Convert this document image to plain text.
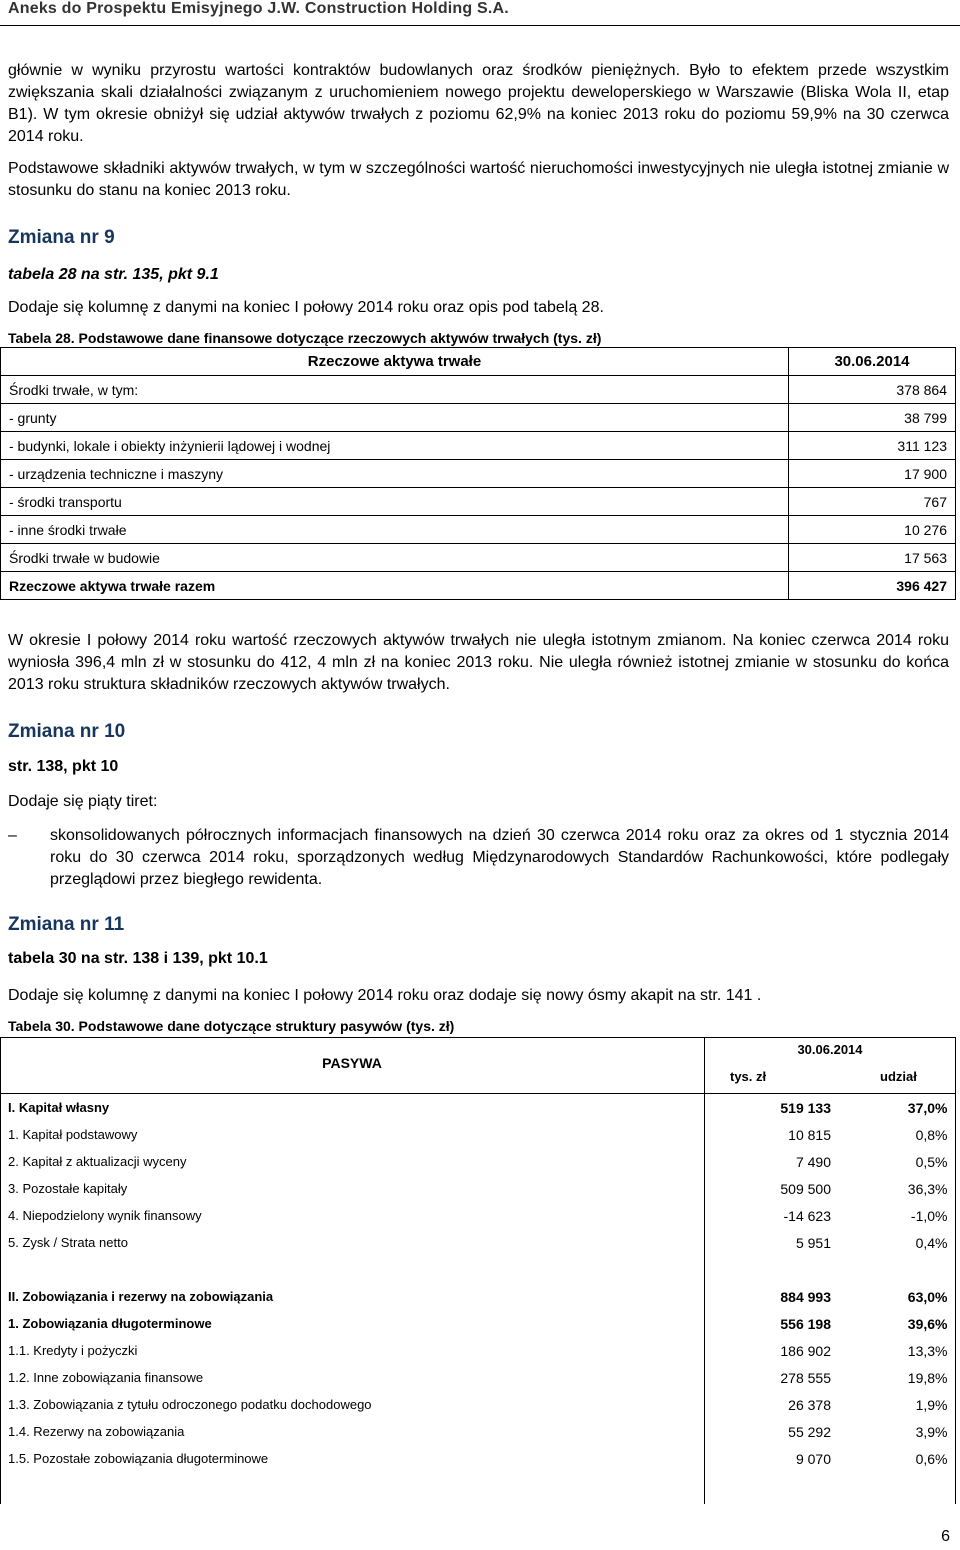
Aneks do Prospektu Emisyjnego J.W. Construction Holding S.A.
głównie w wyniku przyrostu wartości kontraktów budowlanych oraz środków pieniężnych. Było to efektem przede wszystkim zwiększania skali działalności związanym z uruchomieniem nowego projektu deweloperskiego w Warszawie (Bliska Wola II, etap B1). W tym okresie obniżył się udział aktywów trwałych z poziomu 62,9% na koniec 2013 roku do poziomu 59,9% na 30 czerwca 2014 roku.
Podstawowe składniki aktywów trwałych, w tym w szczególności wartość nieruchomości inwestycyjnych nie uległa istotnej zmianie w stosunku do stanu na koniec 2013 roku.
Zmiana nr 9
tabela 28 na str. 135, pkt 9.1
Dodaje się kolumnę z danymi na koniec I połowy 2014 roku oraz opis pod tabelą 28.
Tabela 28. Podstawowe dane finansowe dotyczące rzeczowych aktywów trwałych (tys. zł)
Rzeczowe aktywa trwałe	30.06.2014
Środki trwałe, w tym:	378 864
- grunty	38 799
- budynki, lokale i obiekty inżynierii lądowej i wodnej	311 123
- urządzenia techniczne i maszyny	17 900
- środki transportu	767
- inne środki trwałe	10 276
Środki trwałe w budowie	17 563
Rzeczowe aktywa trwałe razem	396 427
W okresie I połowy 2014 roku wartość rzeczowych aktywów trwałych nie uległa istotnym zmianom. Na koniec czerwca 2014 roku wyniosła 396,4 mln zł w stosunku do 412, 4 mln zł na koniec 2013 roku. Nie uległa również istotnej zmianie w stosunku do końca 2013 roku struktura składników rzeczowych aktywów trwałych.
Zmiana nr 10
str. 138, pkt 10
Dodaje się piąty tiret:
– skonsolidowanych półrocznych informacjach finansowych na dzień 30 czerwca 2014 roku oraz za okres od 1 stycznia 2014 roku do 30 czerwca 2014 roku, sporządzonych według Międzynarodowych Standardów Rachunkowości, które podlegały przeglądowi przez biegłego rewidenta.
Zmiana nr 11
tabela 30 na str. 138 i 139, pkt 10.1
Dodaje się kolumnę z danymi na koniec I połowy 2014 roku oraz dodaje się nowy ósmy akapit na str. 141 .
Tabela 30. Podstawowe dane dotyczące struktury pasywów (tys. zł)
PASYWA
30.06.2014
tys. zł	udział
I. Kapitał własny	519 133	37,0%
1. Kapitał podstawowy	10 815	0,8%
2. Kapitał z aktualizacji wyceny	7 490	0,5%
3. Pozostałe kapitały	509 500	36,3%
4. Niepodzielony wynik finansowy	-14 623	-1,0%
5. Zysk / Strata netto	5 951	0,4%

II. Zobowiązania i rezerwy na zobowiązania	884 993	63,0%
1. Zobowiązania długoterminowe	556 198	39,6%
1.1. Kredyty i pożyczki	186 902	13,3%
1.2. Inne zobowiązania finansowe	278 555	19,8%
1.3. Zobowiązania z tytułu odroczonego podatku dochodowego	26 378	1,9%
1.4. Rezerwy na zobowiązania	55 292	3,9%
1.5. Pozostałe zobowiązania długoterminowe	9 070	0,6%
6
